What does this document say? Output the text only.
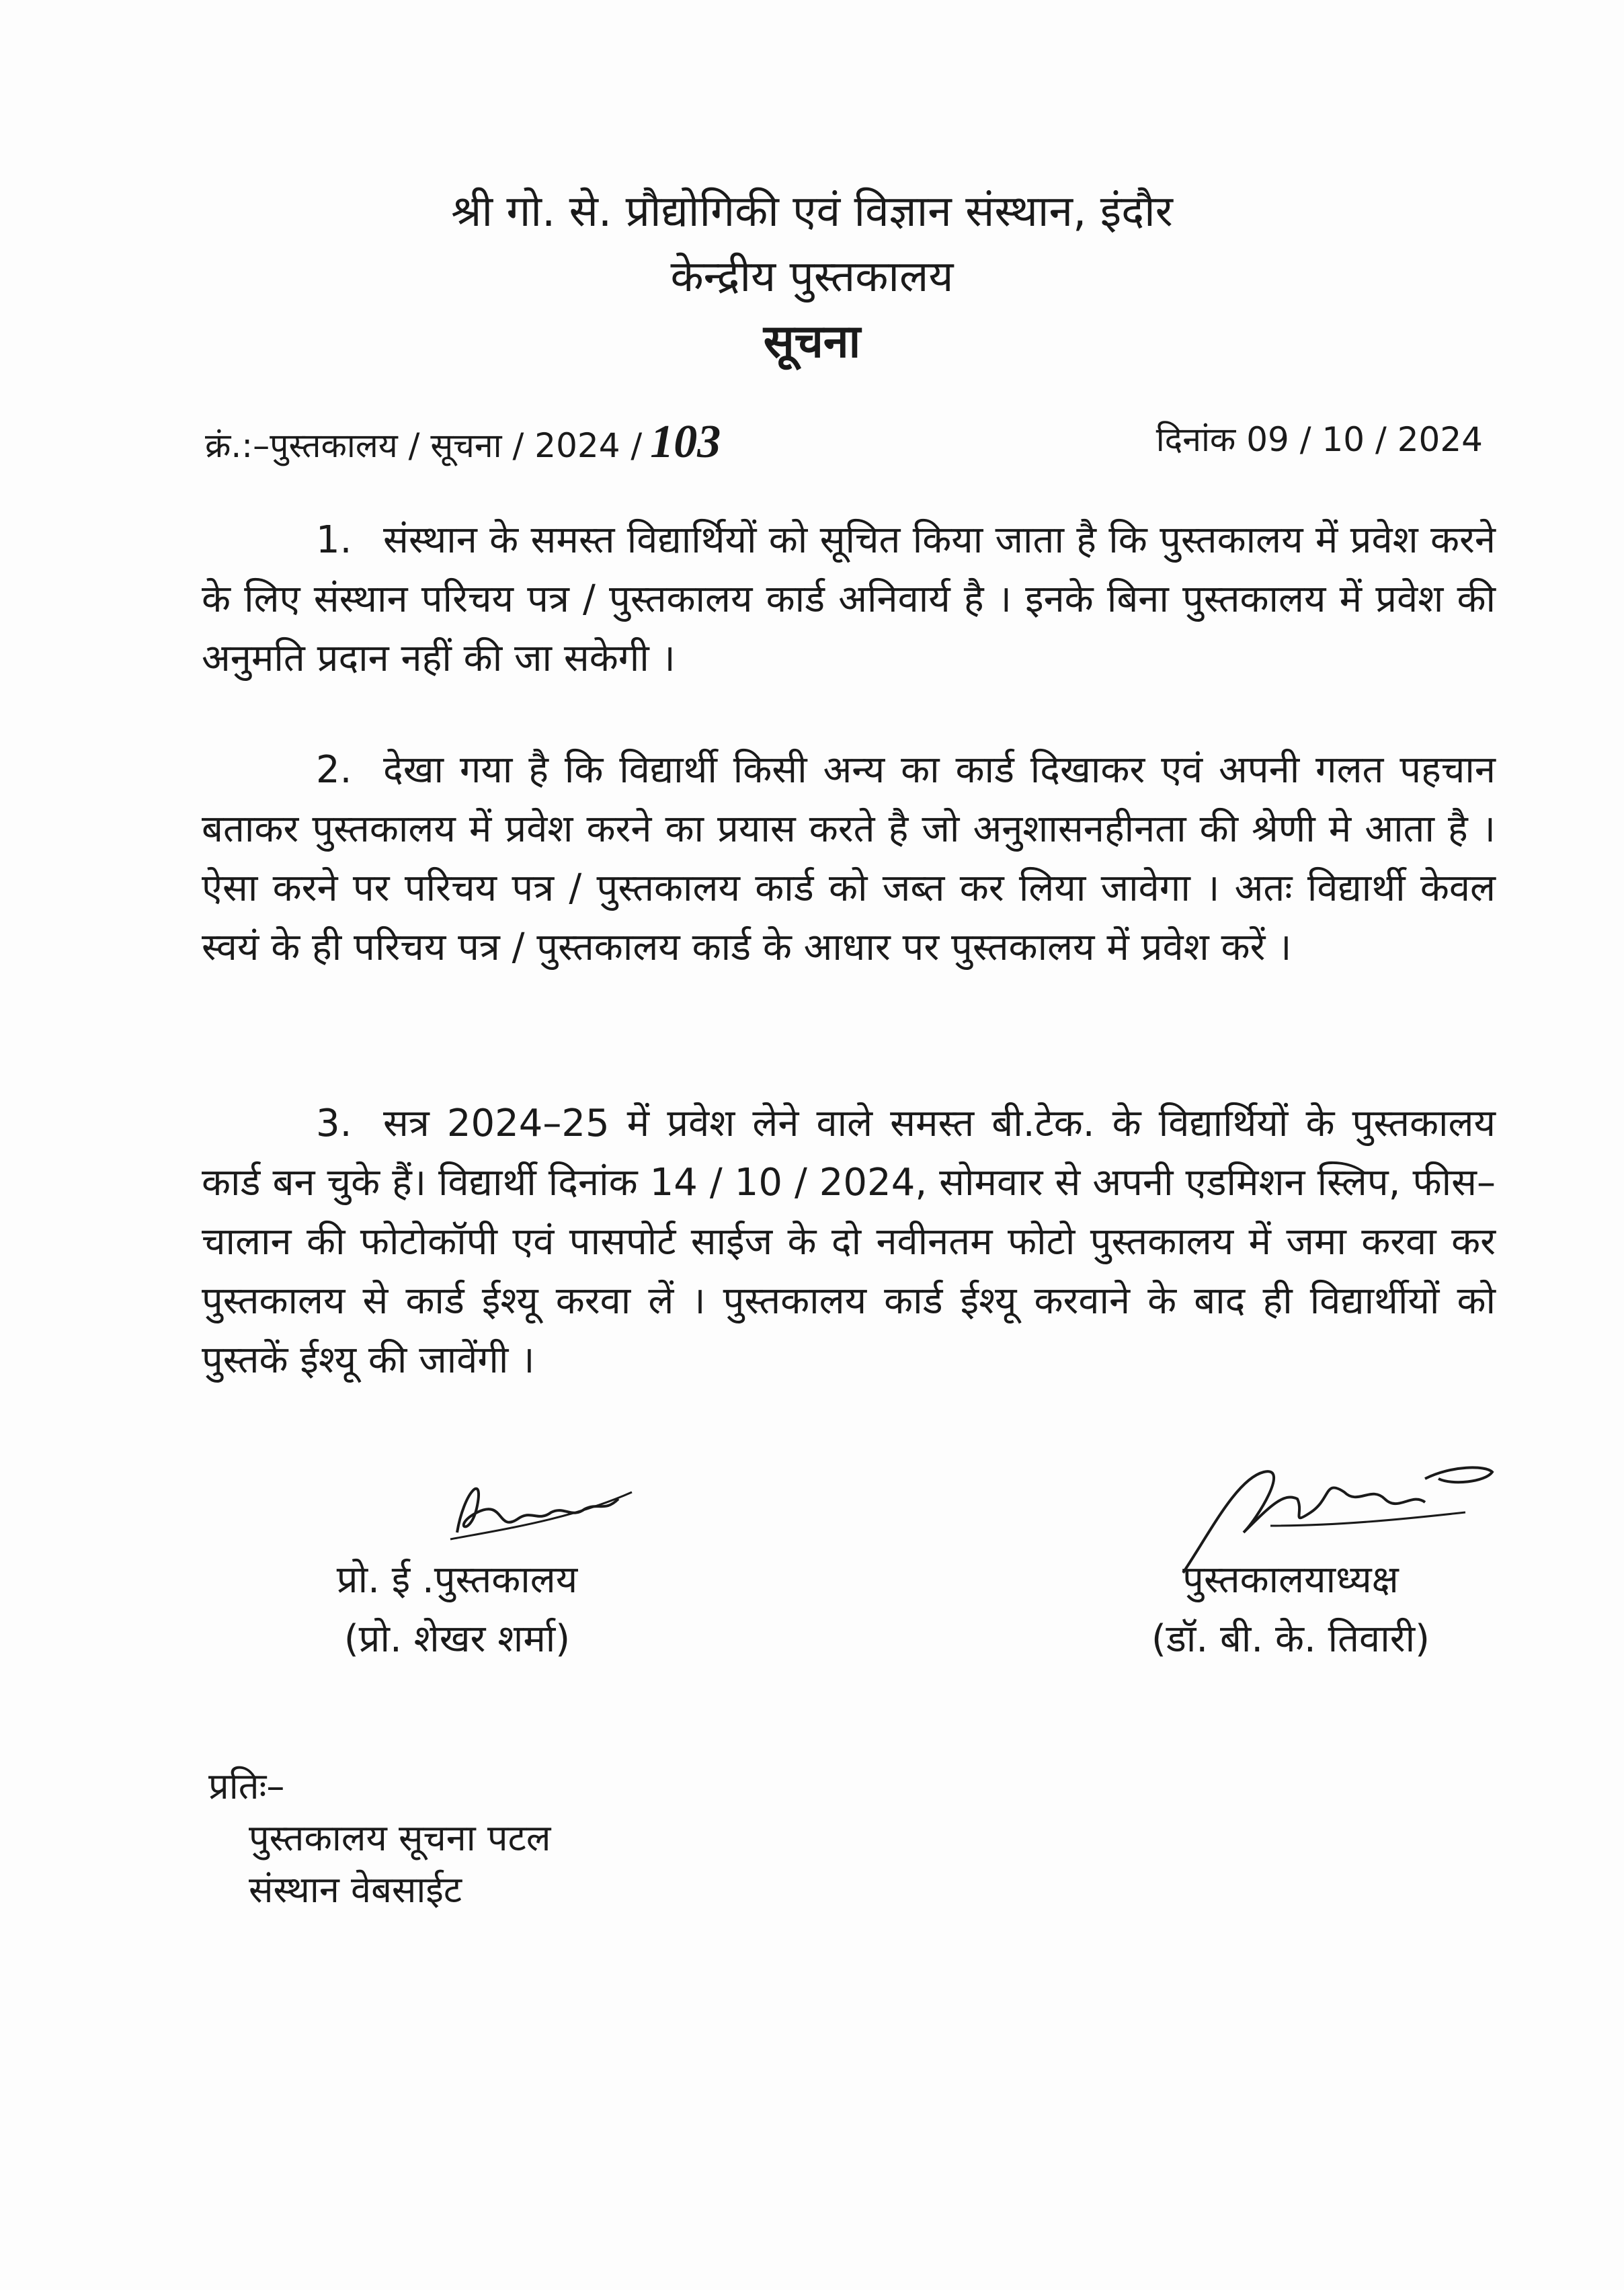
श्री गो. से. प्रौद्योगिकी एवं विज्ञान संस्थान, इंदौर
केन्द्रीय पुस्तकालय
सूचना
क्रं.:–पुस्तकालय / सूचना / 2024 / 103	दिनांक 09 / 10 / 2024
1. संस्थान के समस्त विद्यार्थियों को सूचित किया जाता है कि पुस्तकालय में प्रवेश करने के लिए संस्थान परिचय पत्र / पुस्तकालय कार्ड अनिवार्य है । इनके बिना पुस्तकालय में प्रवेश की अनुमति प्रदान नहीं की जा सकेगी ।
2. देखा गया है कि विद्यार्थी किसी अन्य का कार्ड दिखाकर एवं अपनी गलत पहचान बताकर पुस्तकालय में प्रवेश करने का प्रयास करते है जो अनुशासनहीनता की श्रेणी मे आता है । ऐसा करने पर परिचय पत्र / पुस्तकालय कार्ड को जब्त कर लिया जावेगा । अतः विद्यार्थी केवल स्वयं के ही परिचय पत्र / पुस्तकालय कार्ड के आधार पर पुस्तकालय में प्रवेश करें ।
3. सत्र 2024–25 में प्रवेश लेने वाले समस्त बी.टेक. के विद्यार्थियों के पुस्तकालय कार्ड बन चुके हैं। विद्यार्थी दिनांक 14 / 10 / 2024, सोमवार से अपनी एडमिशन स्लिप, फीस–चालान की फोटोकॉपी एवं पासपोर्ट साईज के दो नवीनतम फोटो पुस्तकालय में जमा करवा कर पुस्तकालय से कार्ड ईश्यू करवा लें । पुस्तकालय कार्ड ईश्यू करवाने के बाद ही विद्यार्थीयों को पुस्तकें ईश्यू की जावेंगी ।
प्रो. ई .पुस्तकालय
(प्रो. शेखर शर्मा)
पुस्तकालयाध्यक्ष
(डॉ. बी. के. तिवारी)
प्रतिः–
पुस्तकालय सूचना पटल
संस्थान वेबसाईट
